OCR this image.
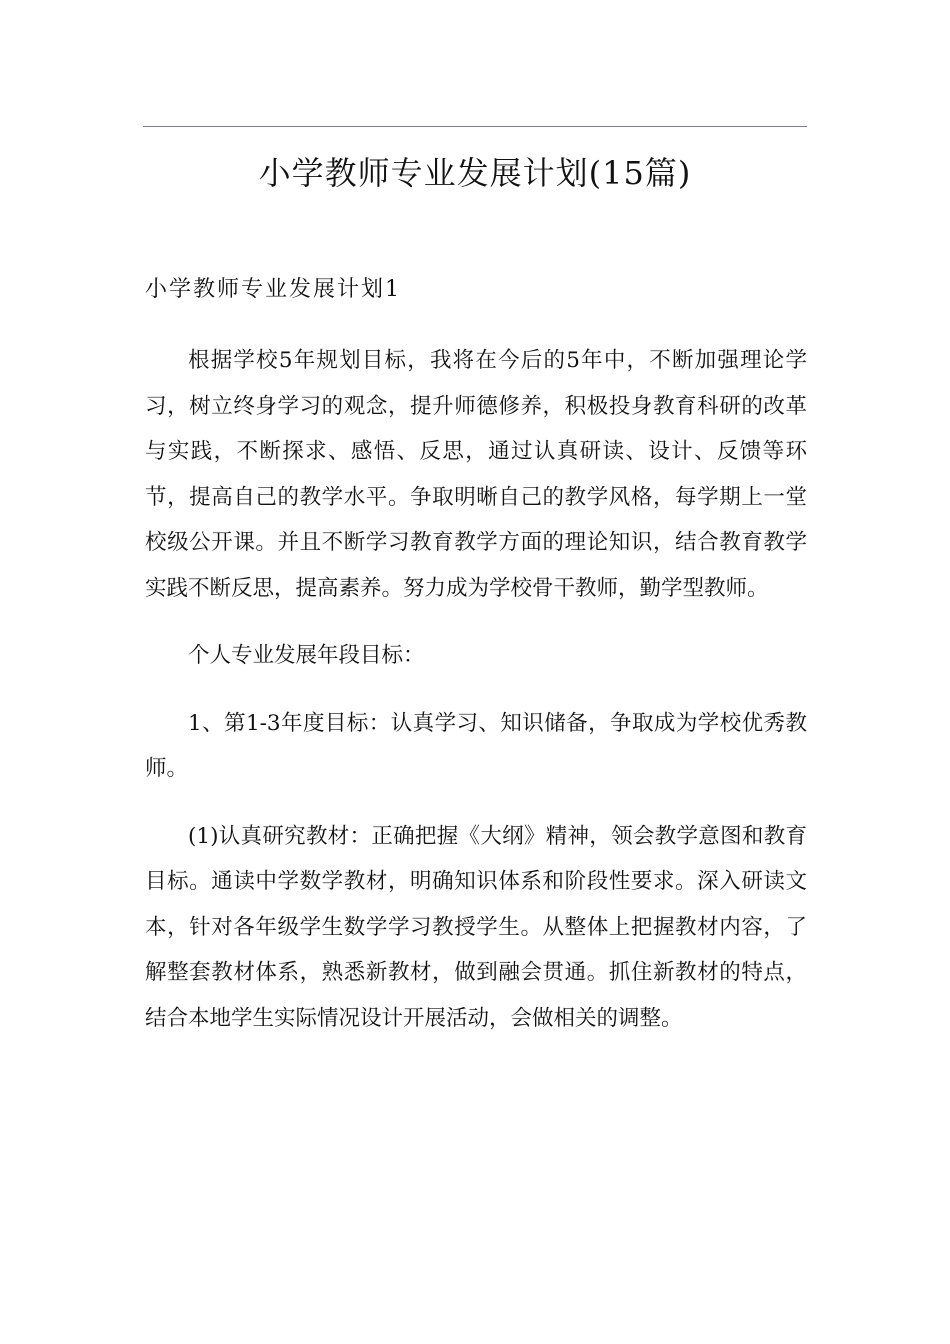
小学教师专业发展计划(15篇)
小学教师专业发展计划1

根据学校5年规划目标，我将在今后的5年中，不断加强理论学习，树立终身学习的观念，提升师德修养，积极投身教育科研的改革与实践，不断探求、感悟、反思，通过认真研读、设计、反馈等环节，提高自己的教学水平。争取明晰自己的教学风格，每学期上一堂校级公开课。并且不断学习教育教学方面的理论知识，结合教育教学实践不断反思，提高素养。努力成为学校骨干教师，勤学型教师。

个人专业发展年段目标：

1、第1-3年度目标：认真学习、知识储备，争取成为学校优秀教师。

(1)认真研究教材：正确把握《大纲》精神，领会教学意图和教育目标。通读中学数学教材，明确知识体系和阶段性要求。深入研读文本，针对各年级学生数学学习教授学生。从整体上把握教材内容，了解整套教材体系，熟悉新教材，做到融会贯通。抓住新教材的特点，结合本地学生实际情况设计开展活动，会做相关的调整。
